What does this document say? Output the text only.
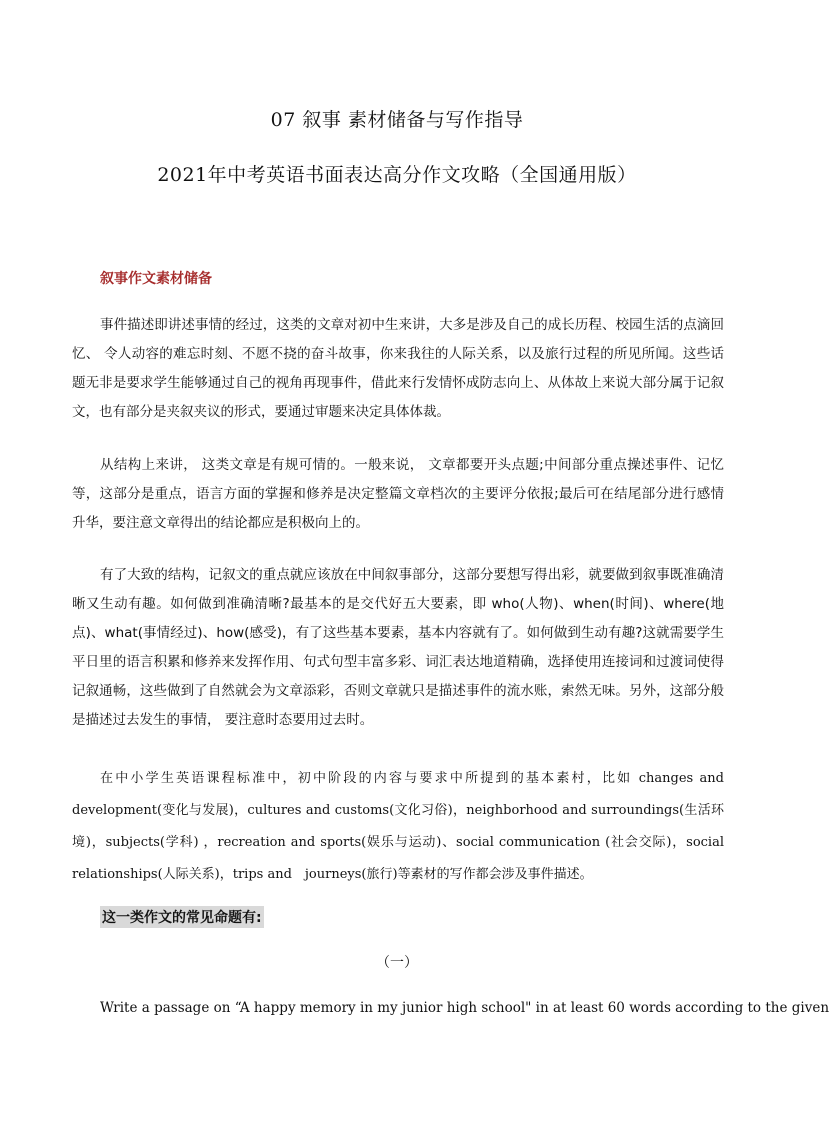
07 叙事 素材储备与写作指导
2021年中考英语书面表达高分作文攻略（全国通用版）
叙事作文素材储备
事件描述即讲述事情的经过，这类的文章对初中生来讲，大多是涉及自己的成长历程、校园生活的点滴回忆、 令人动容的难忘时刻、不愿不挠的奋斗故事，你来我往的人际关系，以及旅行过程的所见所闻。这些话题无非是要求学生能够通过自己的视角再现事件，借此来行发情怀成防志向上、从体故上来说大部分属于记叙文，也有部分是夹叙夹议的形式，要通过审题来决定具体体裁。
从结构上来讲， 这类文章是有规可情的。一般来说， 文章都要开头点题;中间部分重点操述事件、记忆等，这部分是重点，语言方面的掌握和修养是决定整篇文章档次的主要评分依报;最后可在结尾部分进行感情升华，要注意文章得出的结论都应是积极向上的。
有了大致的结构，记叙文的重点就应该放在中间叙事部分，这部分要想写得出彩，就要做到叙事既准确清晰又生动有趣。如何做到准确清晰?最基本的是交代好五大要素，即 who(人物)、when(时间)、where(地点)、what(事情经过)、how(感受)，有了这些基本要素，基本内容就有了。如何做到生动有趣?这就需要学生平日里的语言积累和修养来发挥作用、句式句型丰富多彩、词汇表达地道精确，选择使用连接词和过渡词使得记叙通畅，这些做到了自然就会为文章添彩，否则文章就只是描述事件的流水账，索然无味。另外，这部分般是描述过去发生的事情， 要注意时态要用过去时。
在中小学生英语课程标准中，初中阶段的内容与要求中所提到的基本素村，比如 changes and development(变化与发展)，cultures and customs(文化习俗)，neighborhood and surroundings(生活环境)，subjects(学科) ，recreation and sports(娱乐与运动)、social communication (社会交际)，social relationships(人际关系)，trips and　journeys(旅行)等素材的写作都会涉及事件描述。
这一类作文的常见命题有:
（一）
Write a passage on “A happy memory in my junior high school" in at least 60 words according to the given
